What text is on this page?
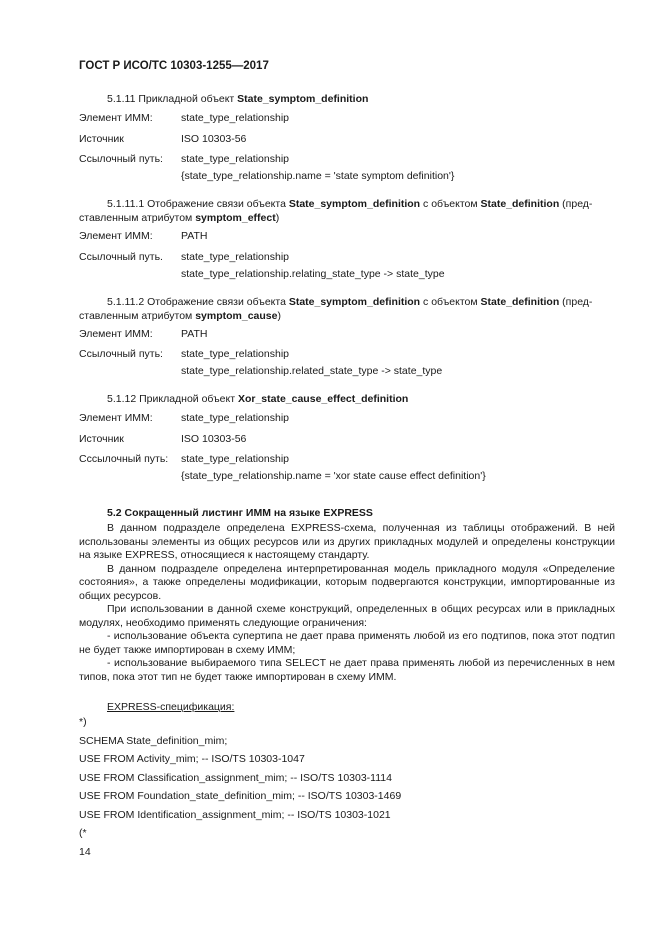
ГОСТ Р ИСО/ТС 10303-1255—2017
5.1.11 Прикладной объект State_symptom_definition
Элемент ИММ:	state_type_relationship
Источник	ISO 10303-56
Ссылочный путь: state_type_relationship
{state_type_relationship.name = 'state symptom definition'}
5.1.11.1 Отображение связи объекта State_symptom_definition с объектом State_definition (пред-
ставленным атрибутом symptom_effect)
Элемент ИММ:	PATH
Ссылочный путь. state_type_relationship
state_type_relationship.relating_state_type -> state_type
5.1.11.2 Отображение связи объекта State_symptom_definition с объектом State_definition (пред-
ставленным атрибутом symptom_cause)
Элемент ИММ:	PATH
Ссылочный путь: state_type_relationship
state_type_relationship.related_state_type -> state_type
5.1.12 Прикладной объект Xor_state_cause_effect_definition
Элемент ИММ:	state_type_relationship
Источник	ISO 10303-56
Сссылочный путь: state_type_relationship
{state_type_relationship.name = 'xor state cause effect definition'}
5.2 Сокращенный листинг ИММ на языке EXPRESS

В данном подразделе определена EXPRESS-схема, полученная из таблицы отображений. В ней использованы элементы из общих ресурсов или из других прикладных модулей и определены конструкции на языке EXPRESS, относящиеся к настоящему стандарту.

В данном подразделе определена интерпретированная модель прикладного модуля «Определение состояния», а также определены модификации, которым подвергаются конструкции, импортированные из общих ресурсов.

При использовании в данной схеме конструкций, определенных в общих ресурсах или в прикладных модулях, необходимо применять следующие ограничения:

- использование объекта супертипа не дает права применять любой из его подтипов, пока этот подтип не будет также импортирован в схему ИММ;

- использование выбираемого типа SELECT не дает права применять любой из перечисленных в нем типов, пока этот тип не будет также импортирован в схему ИММ.

EXPRESS-спецификация:
*)
SCHEMA State_definition_mim;
USE FROM Activity_mim; -- ISO/TS 10303-1047
USE FROM Classification_assignment_mim; -- ISO/TS 10303-1114
USE FROM Foundation_state_definition_mim; -- ISO/TS 10303-1469
USE FROM Identification_assignment_mim; -- ISO/TS 10303-1021
(*
14
